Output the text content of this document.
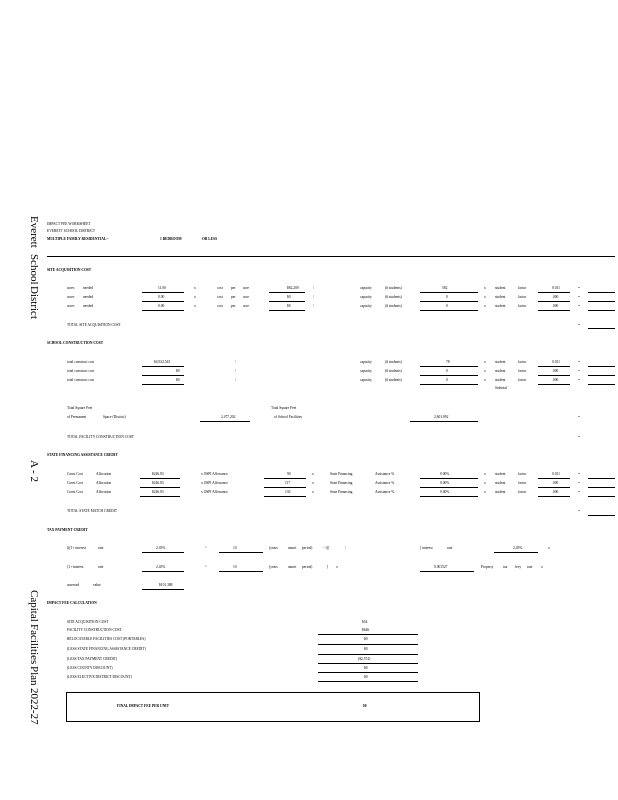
Everett
School
District
A - 2
Capital
Facilities
Plan
2022-27
IMPACT FEE WORKSHEET
EVERETT SCHOOL DISTRICT
MULTIPLE FAMILY RESIDENTIAL--	1 BEDROOM	OR LESS
SITE ACQUISITION COST
acres needed	11.00	x	cost per acre	$82,200	/	capacity	(# students)	582	x	student	factor	0.011	=
acres needed	0.00	x	cost per acre	$0	/	capacity	(# students)	0	x	student	factor	.000	=
acres needed	0.00	x	cost per acre	$0	/	capacity	(# students)	0	x	student	factor	.000	=
TOTAL SITE ACQUISITION COST	=
SCHOOL CONSTRUCTION COST
total construct cost	$4,922,543	/	capacity	(# students)	78	x	student	factor	0.011	=
total construct cost	$0	/	capacity	(# students)	0	x	student	factor	.000	=
total construct cost	$0	/	capacity	(# students)	0	x	student	factor	.000	=
Subtotal
Total Square Feet
of Permanent	Space (District)	2,477,202
Total Square Feet
of School Facilities	2,601,992	=
TOTAL FACILITY CONSTRUCTION COST	=
STATE FINANCING ASSISTANCE CREDIT
Const Cost	Allocation	$246.83	x OSPI Allowance	90	x	State Financing	Assistance %	0.00%	x	student	factor	0.011	=
Const Cost	Allocation	$246.83	x OSPI Allowance	117	x	State Financing	Assistance %	0.00%	x	student	factor	.000	=
Const Cost	Allocation	$246.83	x OSPI Allowance	130	x	State Financing	Assistance %	0.00%	x	student	factor	.000	=
TOTAL STATE MATCH CREDIT	=
TAX PAYMENT CREDIT
[((1+ interest	rate	2.45%	^	10	(years	amort period)	- 1)]	/	[ interest	rate	2.45%	x
(1 +interest	rate	2.45%	^	10	(years	amort period)	] x	0.001527	Property	tax levy rate x
assessed	value	$101,388
IMPACT FEE CALCULATION
SITE ACQUISITION COST	$54
FACILITY CONSTRUCTION COST	$646
RELOCATABLE FACILITIES COST (PORTABLES)	$0
(LESS STATE FINANCING ASSISTANCE CREDIT)	$0
(LESS TAX PAYMENT CREDIT)	($2,574)
(LESS COUNTY DISCOUNT)	$0
(LESS ELECTIVE DISTRICT DISCOUNT)	$0
FINAL IMPACT FEE PER UNIT	$0
